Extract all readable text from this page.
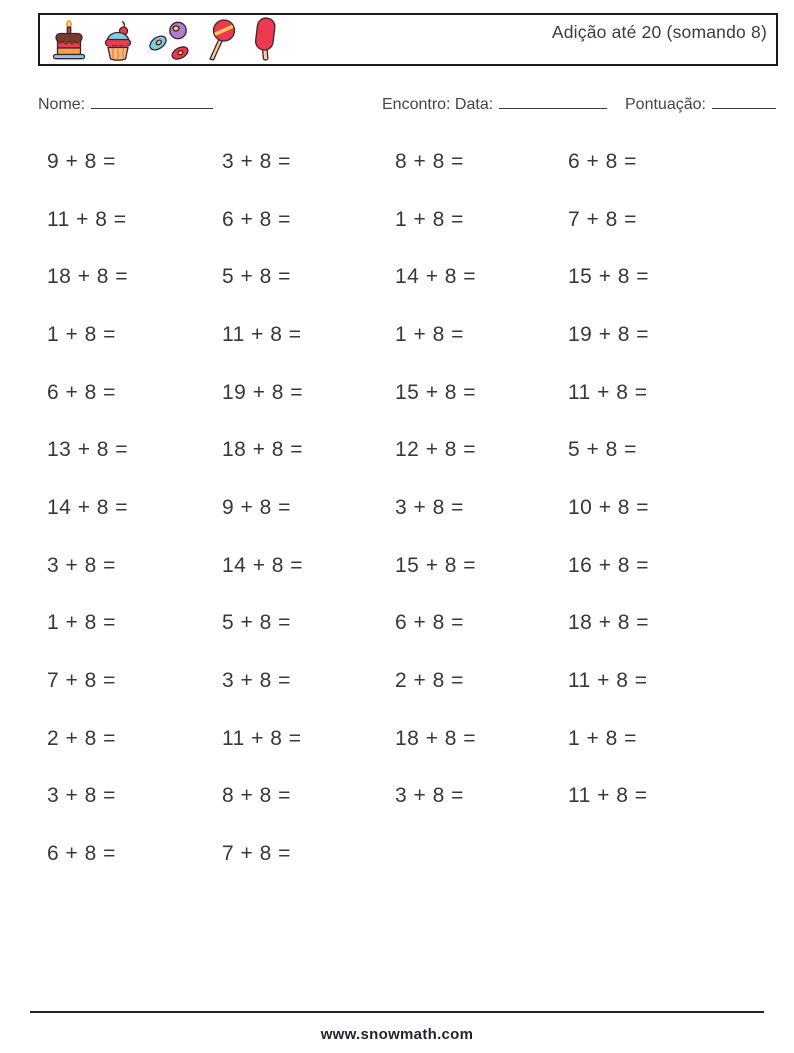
Adição até 20 (somando 8)
Nome:	Encontro: Data:	Pontuação:
9 + 8 =	3 + 8 =	8 + 8 =	6 + 8 =
11 + 8 =	6 + 8 =	1 + 8 =	7 + 8 =
18 + 8 =	5 + 8 =	14 + 8 =	15 + 8 =
1 + 8 =	11 + 8 =	1 + 8 =	19 + 8 =
6 + 8 =	19 + 8 =	15 + 8 =	11 + 8 =
13 + 8 =	18 + 8 =	12 + 8 =	5 + 8 =
14 + 8 =	9 + 8 =	3 + 8 =	10 + 8 =
3 + 8 =	14 + 8 =	15 + 8 =	16 + 8 =
1 + 8 =	5 + 8 =	6 + 8 =	18 + 8 =
7 + 8 =	3 + 8 =	2 + 8 =	11 + 8 =
2 + 8 =	11 + 8 =	18 + 8 =	1 + 8 =
3 + 8 =	8 + 8 =	3 + 8 =	11 + 8 =
6 + 8 =	7 + 8 =
www.snowmath.com
